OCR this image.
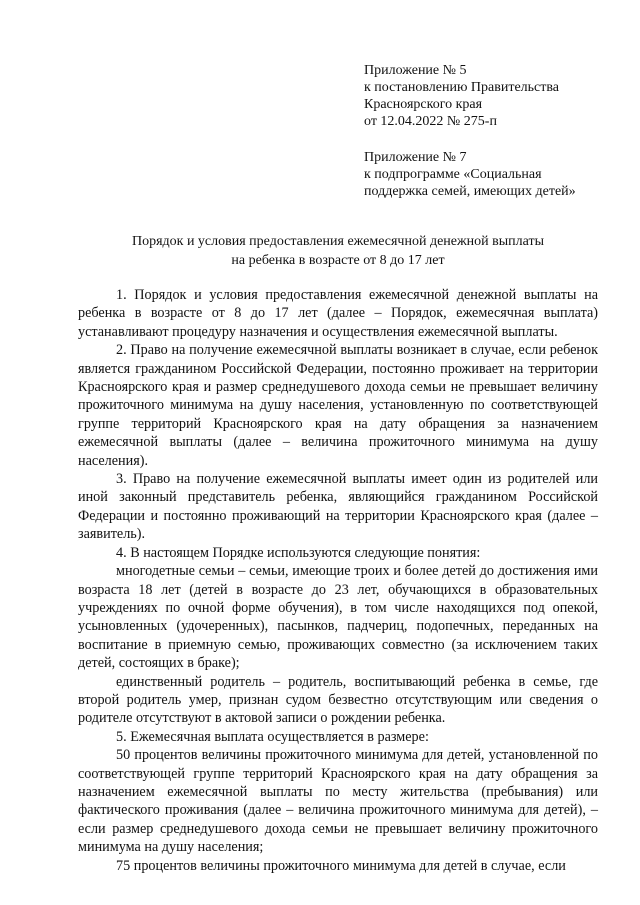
Приложение № 5
к постановлению Правительства
Красноярского края
от 12.04.2022 № 275-п
Приложение № 7
к подпрограмме «Социальная
поддержка семей, имеющих детей»
Порядок и условия предоставления ежемесячной денежной выплаты
на ребенка в возрасте от 8 до 17 лет

1. Порядок и условия предоставления ежемесячной денежной выплаты на ребенка в возрасте от 8 до 17 лет (далее – Порядок, ежемесячная выплата) устанавливают процедуру назначения и осуществления ежемесячной выплаты.

2. Право на получение ежемесячной выплаты возникает в случае, если ребенок является гражданином Российской Федерации, постоянно проживает на территории Красноярского края и размер среднедушевого дохода семьи не превышает величину прожиточного минимума на душу населения, установленную по соответствующей группе территорий Красноярского края на дату обращения за назначением ежемесячной выплаты (далее – величина прожиточного минимума на душу населения).

3. Право на получение ежемесячной выплаты имеет один из родителей или иной законный представитель ребенка, являющийся гражданином Российской Федерации и постоянно проживающий на территории Красноярского края (далее – заявитель).

4. В настоящем Порядке используются следующие понятия:

многодетные семьи – семьи, имеющие троих и более детей до достижения ими возраста 18 лет (детей в возрасте до 23 лет, обучающихся в образовательных учреждениях по очной форме обучения), в том числе находящихся под опекой, усыновленных (удочеренных), пасынков, падчериц, подопечных, переданных на воспитание в приемную семью, проживающих совместно (за исключением таких детей, состоящих в браке);

единственный родитель – родитель, воспитывающий ребенка в семье, где второй родитель умер, признан судом безвестно отсутствующим или сведения о родителе отсутствуют в актовой записи о рождении ребенка.

5. Ежемесячная выплата осуществляется в размере:

50 процентов величины прожиточного минимума для детей, установленной по соответствующей группе территорий Красноярского края на дату обращения за назначением ежемесячной выплаты по месту жительства (пребывания) или фактического проживания (далее – величина прожиточного минимума для детей), – если размер среднедушевого дохода семьи не превышает величину прожиточного минимума на душу населения;

75 процентов величины прожиточного минимума для детей в случае, если
